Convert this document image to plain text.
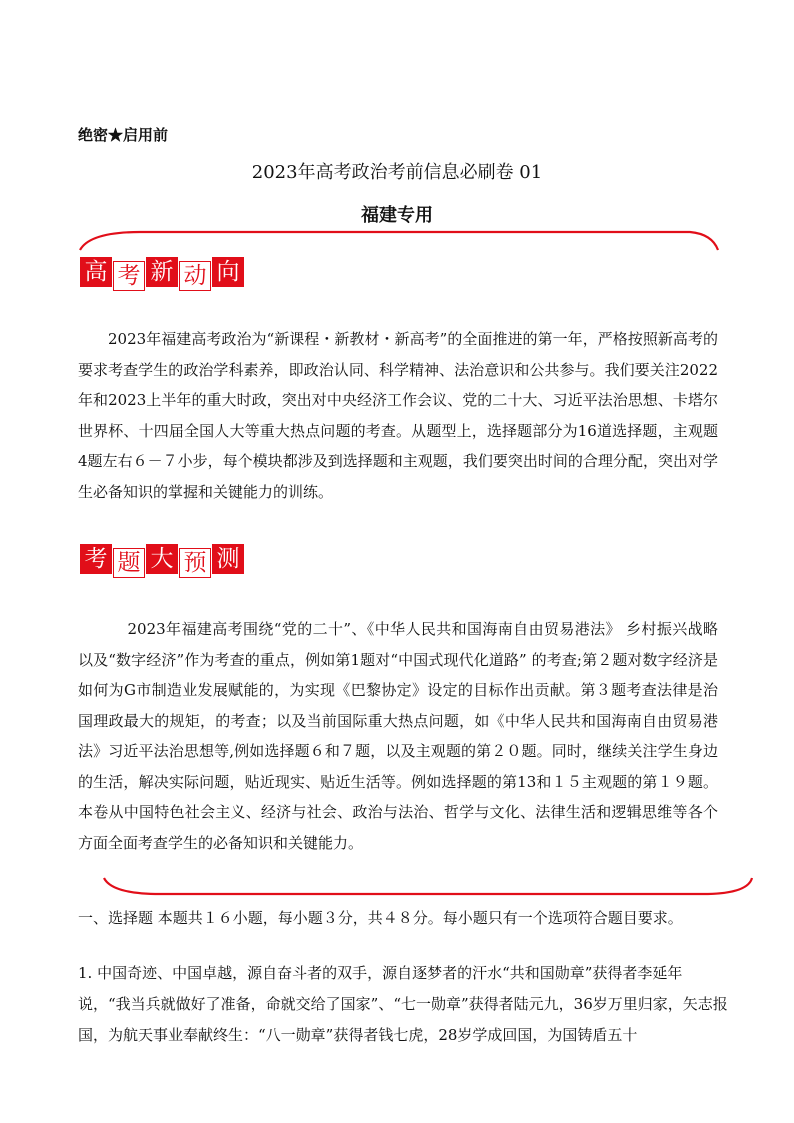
绝密★启用前
2023年高考政治考前信息必刷卷 01
福建专用
高 考 新 动 向
2023年福建高考政治为“新课程・新教材・新高考”的全面推进的第一年，严格按照新高考的要求考查学生的政治学科素养，即政治认同、科学精神、法治意识和公共参与。我们要关注2022年和2023上半年的重大时政，突出对中央经济工作会议、党的二十大、习近平法治思想、卡塔尔世界杯、十四届全国人大等重大热点问题的考查。从题型上，选择题部分为16道选择题，主观题4题左右６－７小步，每个模块都涉及到选择题和主观题，我们要突出时间的合理分配，突出对学生必备知识的掌握和关键能力的训练。
考 题 大 预 测
2023年福建高考围绕“党的二十”、《中华人民共和国海南自由贸易港法》 乡村振兴战略以及“数字经济”作为考查的重点，例如第1题对“中国式现代化道路” 的考查;第２题对数字经济是如何为G市制造业发展赋能的，为实现《巴黎协定》设定的目标作出贡献。第３题考查法律是治国理政最大的规矩，的考查；以及当前国际重大热点问题，如《中华人民共和国海南自由贸易港法》习近平法治思想等,例如选择题６和７题，以及主观题的第２０题。同时，继续关注学生身边的生活，解决实际问题，贴近现实、贴近生活等。例如选择题的第13和１５主观题的第１９题。本卷从中国特色社会主义、经济与社会、政治与法治、哲学与文化、法律生活和逻辑思维等各个方面全面考查学生的必备知识和关键能力。
一、选择题 本题共１６小题，每小题３分，共４８分。每小题只有一个选项符合题目要求。
1. 中国奇迹、中国卓越，源自奋斗者的双手，源自逐梦者的汗水“共和国勋章”获得者李延年说，“我当兵就做好了准备，命就交给了国家”、“七一勋章”获得者陆元九，36岁万里归家，矢志报国，为航天事业奉献终生：“八一勋章”获得者钱七虎，28岁学成回国，为国铸盾五十
